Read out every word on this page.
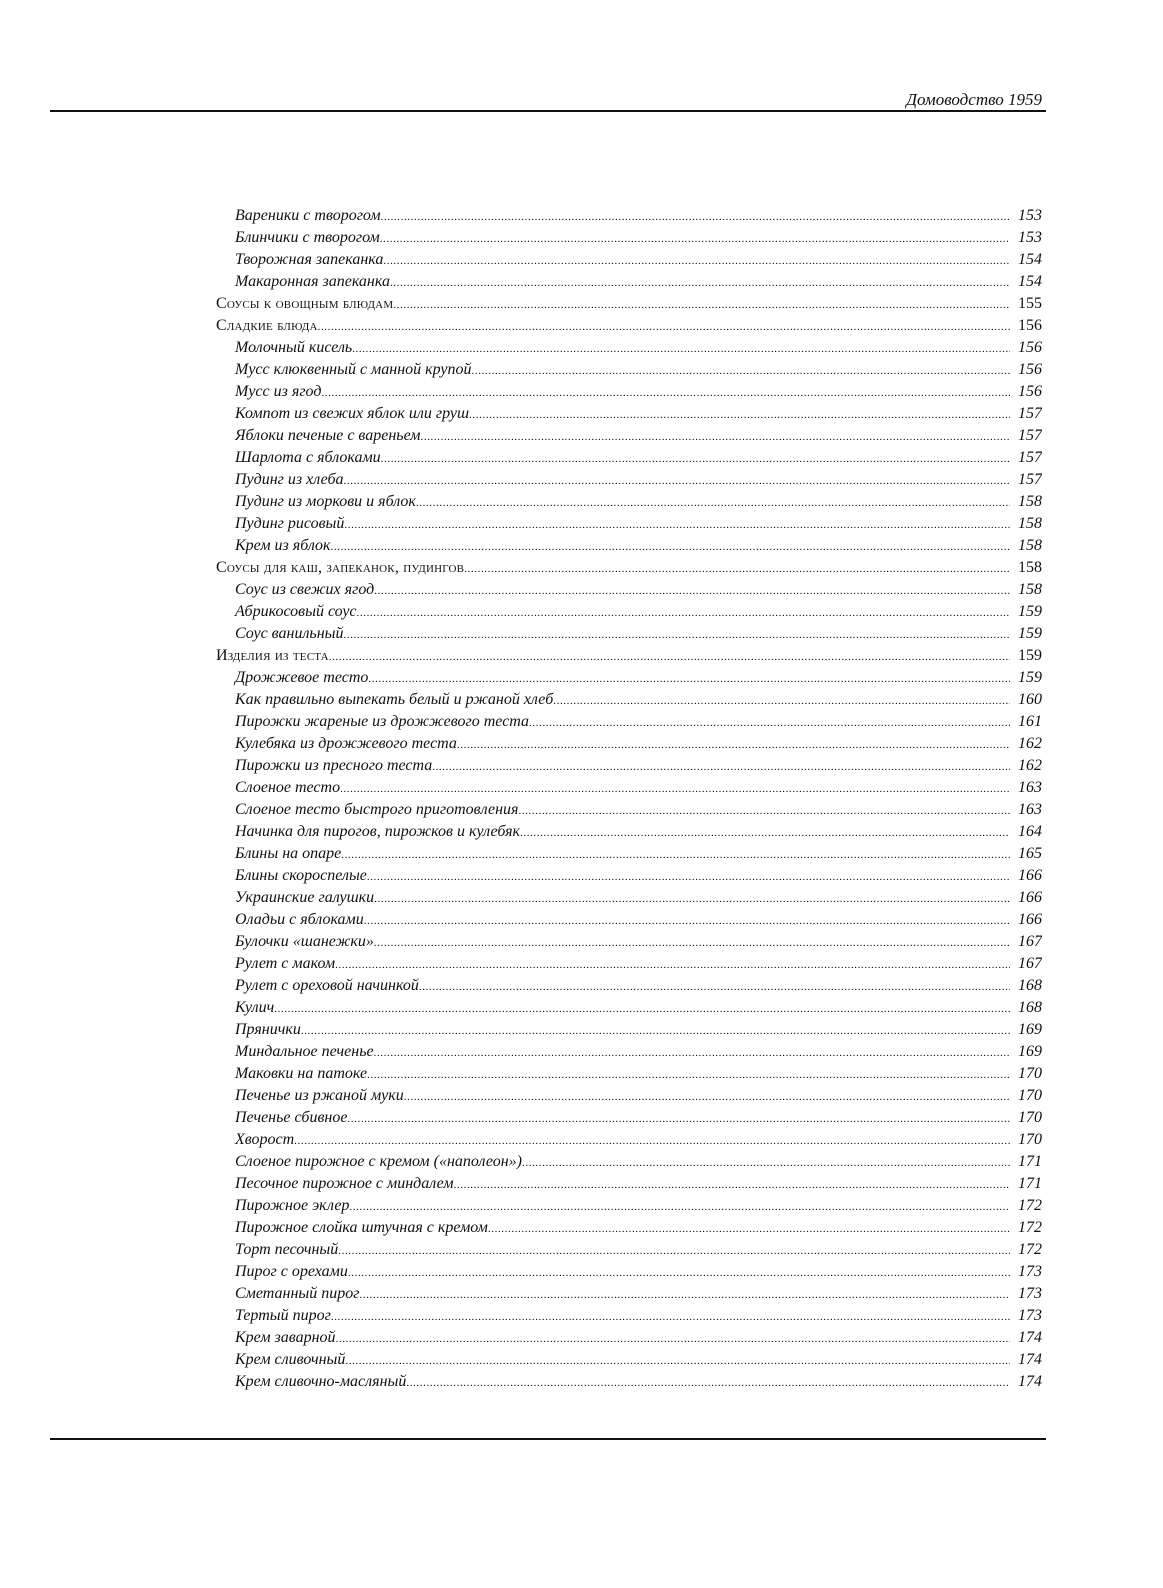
Домоводство 1959
Вареники с творогом .....	153
Блинчики с творогом .....	153
Творожная запеканка .....	154
Макаронная запеканка .....	154
Соусы к овощным блюдам .....	155
Сладкие блюда .....	156
Молочный кисель .....	156
Мусс клюквенный с манной крупой .....	156
Мусс из ягод .....	156
Компот из свежих яблок или груш .....	157
Яблоки печеные с вареньем .....	157
Шарлота с яблоками .....	157
Пудинг из хлеба .....	157
Пудинг из моркови и яблок .....	158
Пудинг рисовый .....	158
Крем из яблок .....	158
Соусы для каш, запеканок, пудингов .....	158
Соус из свежих ягод .....	158
Абрикосовый соус .....	159
Соус ванильный .....	159
Изделия из теста .....	159
Дрожжевое тесто .....	159
Как правильно выпекать белый и ржаной хлеб .....	160
Пирожки жареные из дрожжевого теста .....	161
Кулебяка из дрожжевого теста .....	162
Пирожки из пресного теста .....	162
Слоеное тесто .....	163
Слоеное тесто быстрого приготовления .....	163
Начинка для пирогов, пирожков и кулебяк .....	164
Блины на опаре .....	165
Блины скороспелые .....	166
Украинские галушки .....	166
Оладьи с яблоками .....	166
Булочки «шанежки» .....	167
Рулет с маком .....	167
Рулет с ореховой начинкой .....	168
Кулич .....	168
Прянички .....	169
Миндальное печенье .....	169
Маковки на патоке .....	170
Печенье из ржаной муки .....	170
Печенье сбивное .....	170
Хворост .....	170
Слоеное пирожное с кремом («наполеон») .....	171
Песочное пирожное с миндалем .....	171
Пирожное эклер .....	172
Пирожное слойка штучная с кремом .....	172
Торт песочный .....	172
Пирог с орехами .....	173
Сметанный пирог .....	173
Тертый пирог .....	173
Крем заварной .....	174
Крем сливочный .....	174
Крем сливочно-масляный .....	174
